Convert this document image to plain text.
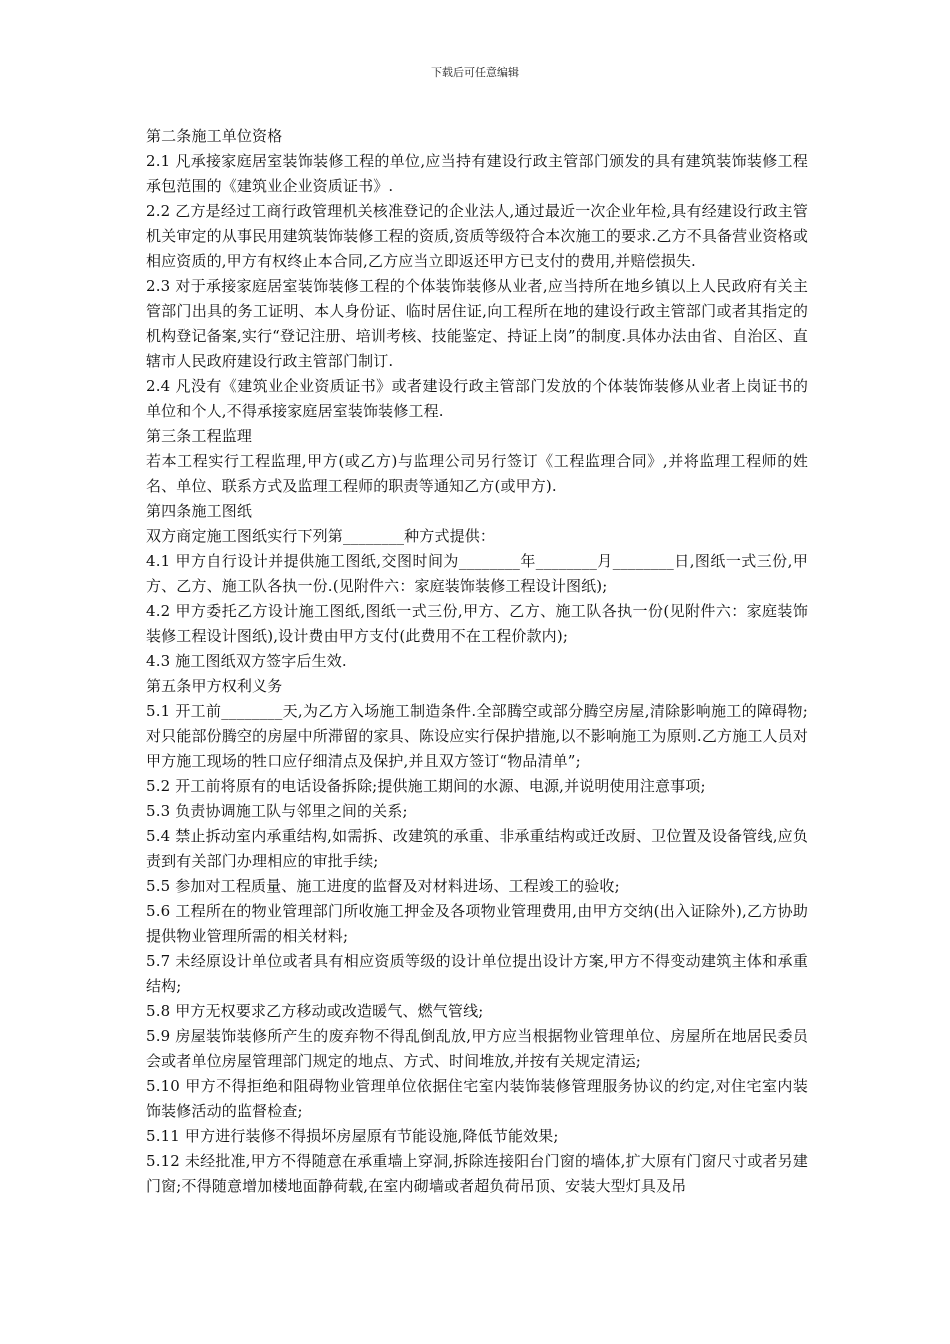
下载后可任意编辑

第二条施工单位资格

2.1 凡承接家庭居室装饰装修工程的单位,应当持有建设行政主管部门颁发的具有建筑装饰装修工程承包范围的《建筑业企业资质证书》.

2.2 乙方是经过工商行政管理机关核准登记的企业法人,通过最近一次企业年检,具有经建设行政主管机关审定的从事民用建筑装饰装修工程的资质,资质等级符合本次施工的要求.乙方不具备营业资格或相应资质的,甲方有权终止本合同,乙方应当立即返还甲方已支付的费用,并赔偿损失.

2.3 对于承接家庭居室装饰装修工程的个体装饰装修从业者,应当持所在地乡镇以上人民政府有关主管部门出具的务工证明、本人身份证、临时居住证,向工程所在地的建设行政主管部门或者其指定的机构登记备案,实行“登记注册、培训考核、技能鉴定、持证上岗”的制度.具体办法由省、自治区、直辖市人民政府建设行政主管部门制订.

2.4 凡没有《建筑业企业资质证书》或者建设行政主管部门发放的个体装饰装修从业者上岗证书的单位和个人,不得承接家庭居室装饰装修工程.

第三条工程监理

若本工程实行工程监理,甲方(或乙方)与监理公司另行签订《工程监理合同》,并将监理工程师的姓名、单位、联系方式及监理工程师的职责等通知乙方(或甲方).

第四条施工图纸

双方商定施工图纸实行下列第________种方式提供：

4.1 甲方自行设计并提供施工图纸,交图时间为________年________月________日,图纸一式三份,甲方、乙方、施工队各执一份.(见附件六：家庭装饰装修工程设计图纸);

4.2 甲方委托乙方设计施工图纸,图纸一式三份,甲方、乙方、施工队各执一份(见附件六：家庭装饰装修工程设计图纸),设计费由甲方支付(此费用不在工程价款内);

4.3 施工图纸双方签字后生效.

第五条甲方权利义务

5.1 开工前________天,为乙方入场施工制造条件.全部腾空或部分腾空房屋,清除影响施工的障碍物;对只能部份腾空的房屋中所滞留的家具、陈设应实行保护措施,以不影响施工为原则.乙方施工人员对甲方施工现场的牲口应仔细清点及保护,并且双方签订“物品清单”;

5.2 开工前将原有的电话设备拆除;提供施工期间的水源、电源,并说明使用注意事项;

5.3 负责协调施工队与邻里之间的关系;

5.4 禁止拆动室内承重结构,如需拆、改建筑的承重、非承重结构或迁改厨、卫位置及设备管线,应负责到有关部门办理相应的审批手续;

5.5 参加对工程质量、施工进度的监督及对材料进场、工程竣工的验收;

5.6 工程所在的物业管理部门所收施工押金及各项物业管理费用,由甲方交纳(出入证除外),乙方协助提供物业管理所需的相关材料;

5.7 未经原设计单位或者具有相应资质等级的设计单位提出设计方案,甲方不得变动建筑主体和承重结构;

5.8 甲方无权要求乙方移动或改造暖气、燃气管线;

5.9 房屋装饰装修所产生的废弃物不得乱倒乱放,甲方应当根据物业管理单位、房屋所在地居民委员会或者单位房屋管理部门规定的地点、方式、时间堆放,并按有关规定清运;

5.10 甲方不得拒绝和阻碍物业管理单位依据住宅室内装饰装修管理服务协议的约定,对住宅室内装饰装修活动的监督检查;

5.11 甲方进行装修不得损坏房屋原有节能设施,降低节能效果;

5.12 未经批准,甲方不得随意在承重墙上穿洞,拆除连接阳台门窗的墙体,扩大原有门窗尺寸或者另建门窗;不得随意增加楼地面静荷载,在室内砌墙或者超负荷吊顶、安装大型灯具及吊
